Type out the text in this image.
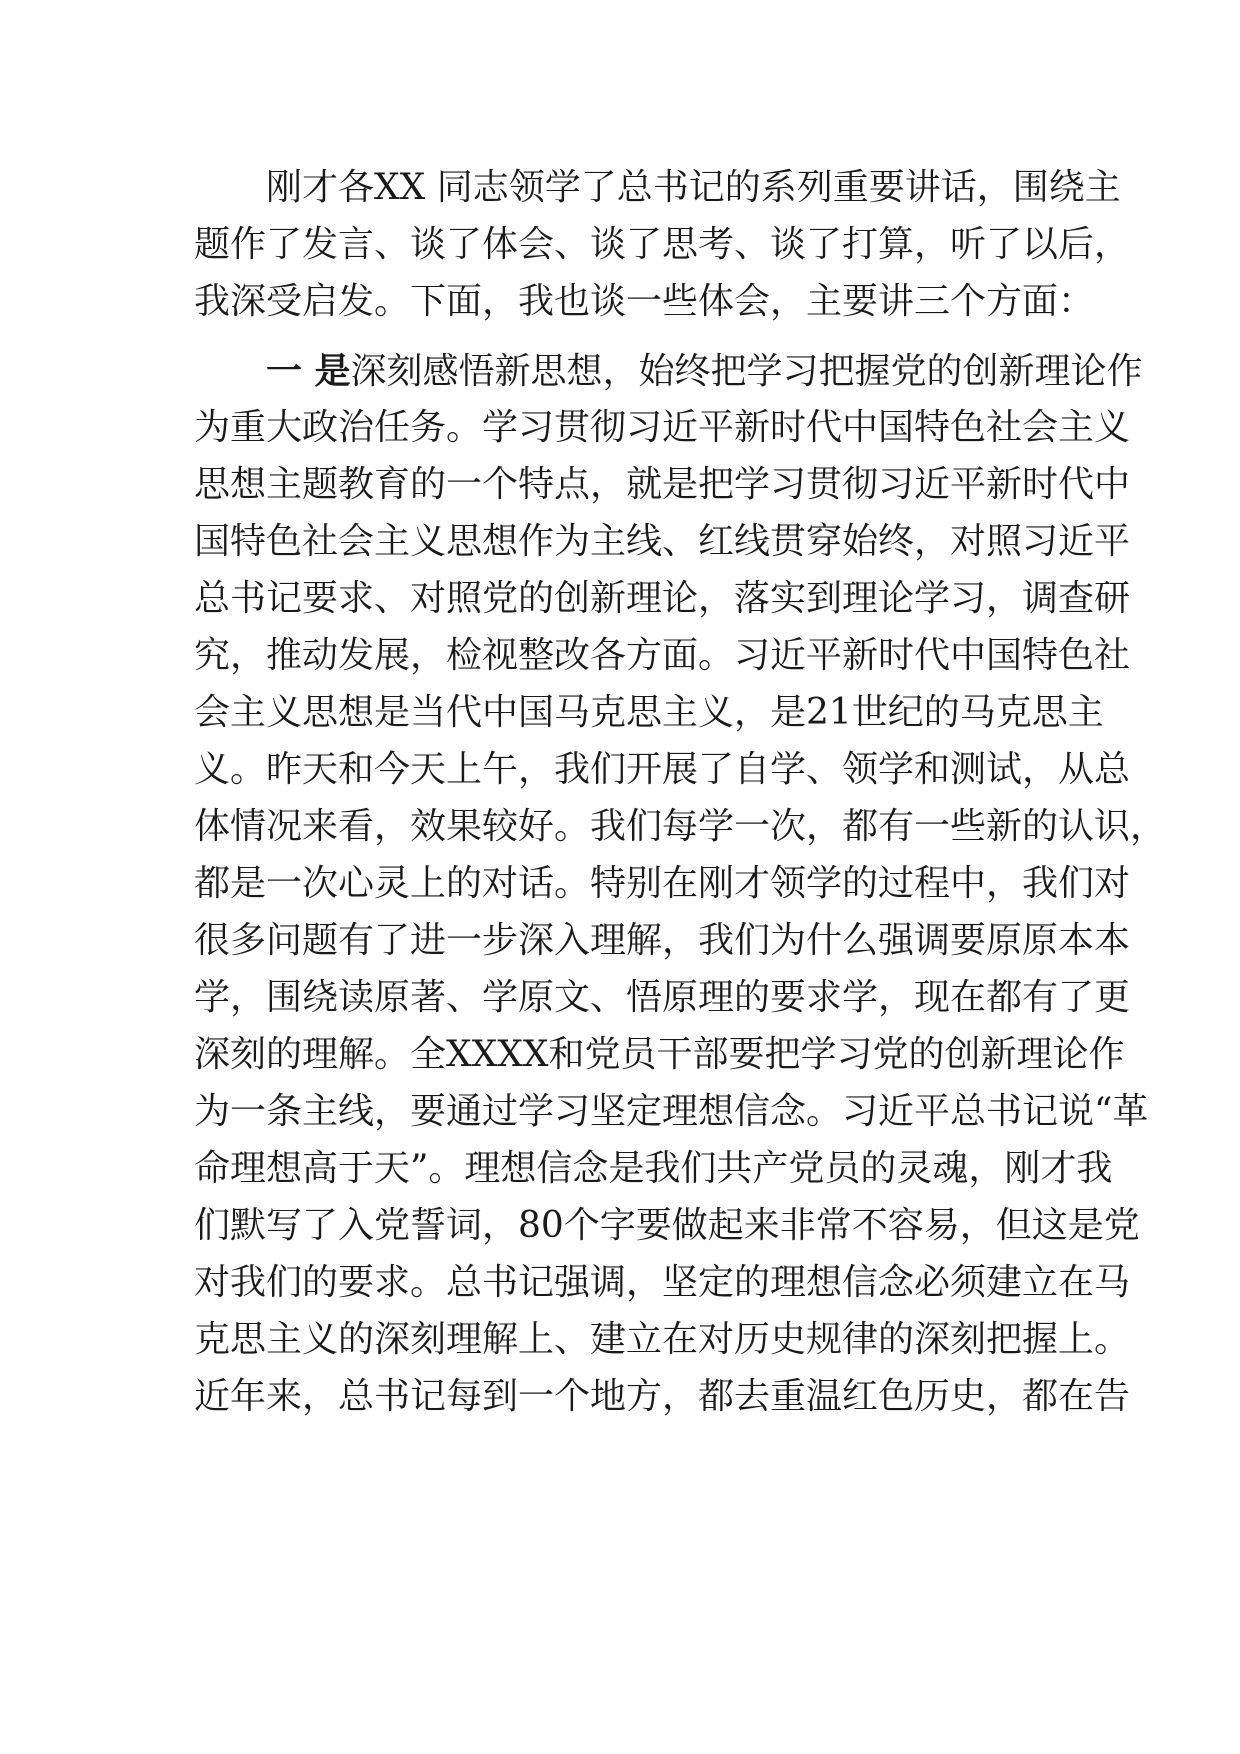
刚才各XX 同志领学了总书记的系列重要讲话，围绕主
题作了发言、谈了体会、谈了思考、谈了打算，听了以后，
我深受启发。下面，我也谈一些体会，主要讲三个方面：
一 是深刻感悟新思想，始终把学习把握党的创新理论作
为重大政治任务。学习贯彻习近平新时代中国特色社会主义
思想主题教育的一个特点，就是把学习贯彻习近平新时代中
国特色社会主义思想作为主线、红线贯穿始终，对照习近平
总书记要求、对照党的创新理论，落实到理论学习，调查研
究，推动发展，检视整改各方面。习近平新时代中国特色社
会主义思想是当代中国马克思主义，是21世纪的马克思主
义。昨天和今天上午，我们开展了自学、领学和测试，从总
体情况来看，效果较好。我们每学一次，都有一些新的认识，
都是一次心灵上的对话。特别在刚才领学的过程中，我们对
很多问题有了进一步深入理解，我们为什么强调要原原本本
学，围绕读原著、学原文、悟原理的要求学，现在都有了更
深刻的理解。全XXXX和党员干部要把学习党的创新理论作
为一条主线，要通过学习坚定理想信念。习近平总书记说“革
命理想高于天”。理想信念是我们共产党员的灵魂，刚才我
们默写了入党誓词，80个字要做起来非常不容易，但这是党
对我们的要求。总书记强调，坚定的理想信念必须建立在马
克思主义的深刻理解上、建立在对历史规律的深刻把握上。
近年来，总书记每到一个地方，都去重温红色历史，都在告
